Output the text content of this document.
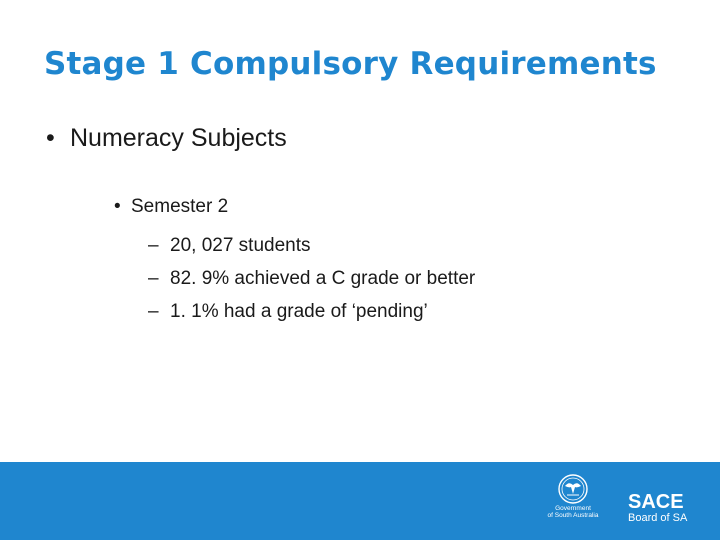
Stage 1 Compulsory Requirements
• Numeracy Subjects
• Semester 2
– 20, 027 students
– 82. 9% achieved a C grade or better
– 1. 1% had a grade of ‘pending’
Government
of South Australia
SACE
Board of SA
